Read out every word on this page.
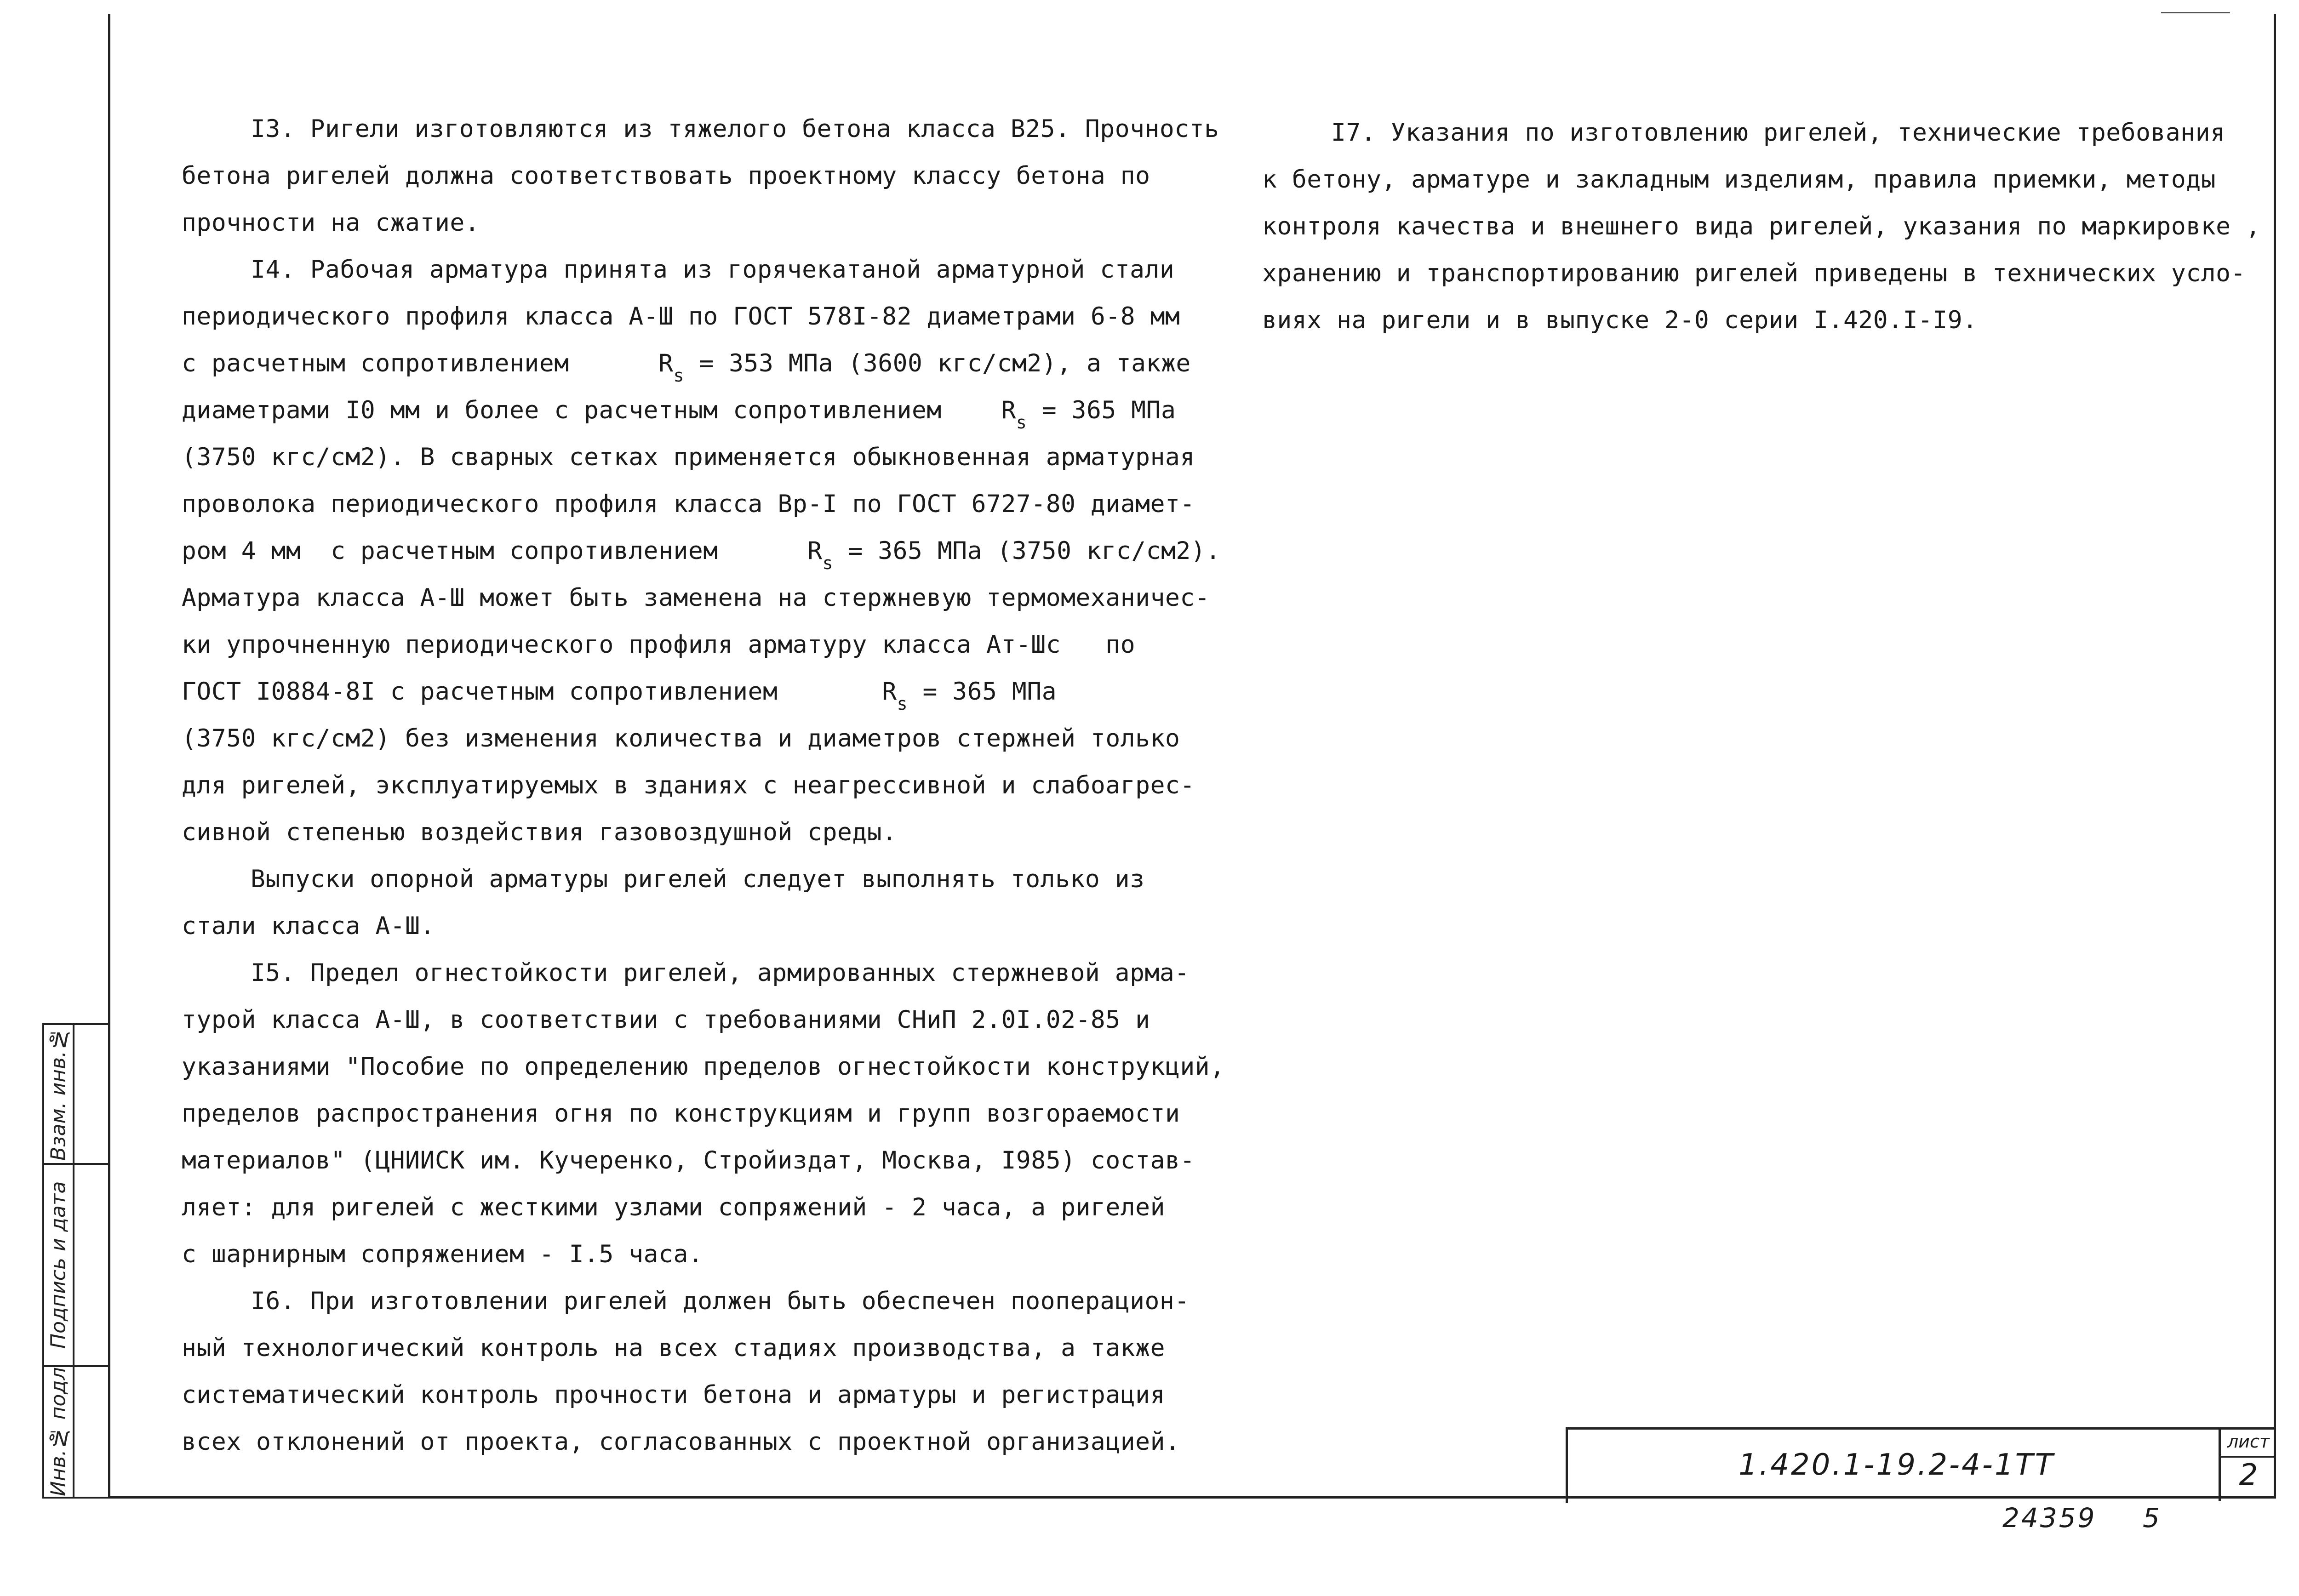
I3. Ригели изготовляются из тяжелого бетона класса В25. Прочность
бетона ригелей должна соответствовать проектному классу бетона по
прочности на сжатие.
I4. Рабочая арматура принята из горячекатаной арматурной стали
периодического профиля класса А-Ш по ГОСТ 578I-82 диаметрами 6-8 мм
с расчетным сопротивлением	$R_s = 353$ МПа (3600 кгс/см2), а также
диаметрами I0 мм и более с расчетным сопротивлением $R_s = 365$ МПа
(3750 кгс/см2). В сварных сетках применяется обыкновенная арматурная
проволока периодического профиля класса Вр-I по ГОСТ 6727-80 диамет-
ром 4 мм  с расчетным сопротивлением	$R_s = 365$ МПа (3750 кгс/см2).
Арматура класса А-Ш может быть заменена на стержневую термомеханичес-
ки упрочненную периодического профиля арматуру класса Ат-Шс   по
ГОСТ I0884-8I с расчетным сопротивлением	$R_s = 365$ МПа
(3750 кгс/см2) без изменения количества и диаметров стержней только
для ригелей, эксплуатируемых в зданиях с неагрессивной и слабоагрес-
сивной степенью воздействия газовоздушной среды.
Выпуски опорной арматуры ригелей следует выполнять только из
стали класса А-Ш.
I5. Предел огнестойкости ригелей, армированных стержневой арма-
турой класса А-Ш, в соответствии с требованиями СНиП 2.0I.02-85 и
указаниями "Пособие по определению пределов огнестойкости конструкций,
пределов распространения огня по конструкциям и групп возгораемости
материалов" (ЦНИИСК им. Кучеренко, Стройиздат, Москва, I985) состав-
ляет: для ригелей с жесткими узлами сопряжений - 2 часа, а ригелей
с шарнирным сопряжением - I.5 часа.
I6. При изготовлении ригелей должен быть обеспечен пооперацион-
ный технологический контроль на всех стадиях производства, а также
систематический контроль прочности бетона и арматуры и регистрация
всех отклонений от проекта, согласованных с проектной организацией.
I7. Указания по изготовлению ригелей, технические требования
к бетону, арматуре и закладным изделиям, правила приемки, методы
контроля качества и внешнего вида ригелей, указания по маркировке ,
хранению и транспортированию ригелей приведены в технических усло-
виях на ригели и в выпуске 2-0 серии I.420.I-I9.
Взам. инв.№
Подпись и дата
Инв.№ подл	1.420.1-19.2-4-1ТТ
лист
2
24359 5
